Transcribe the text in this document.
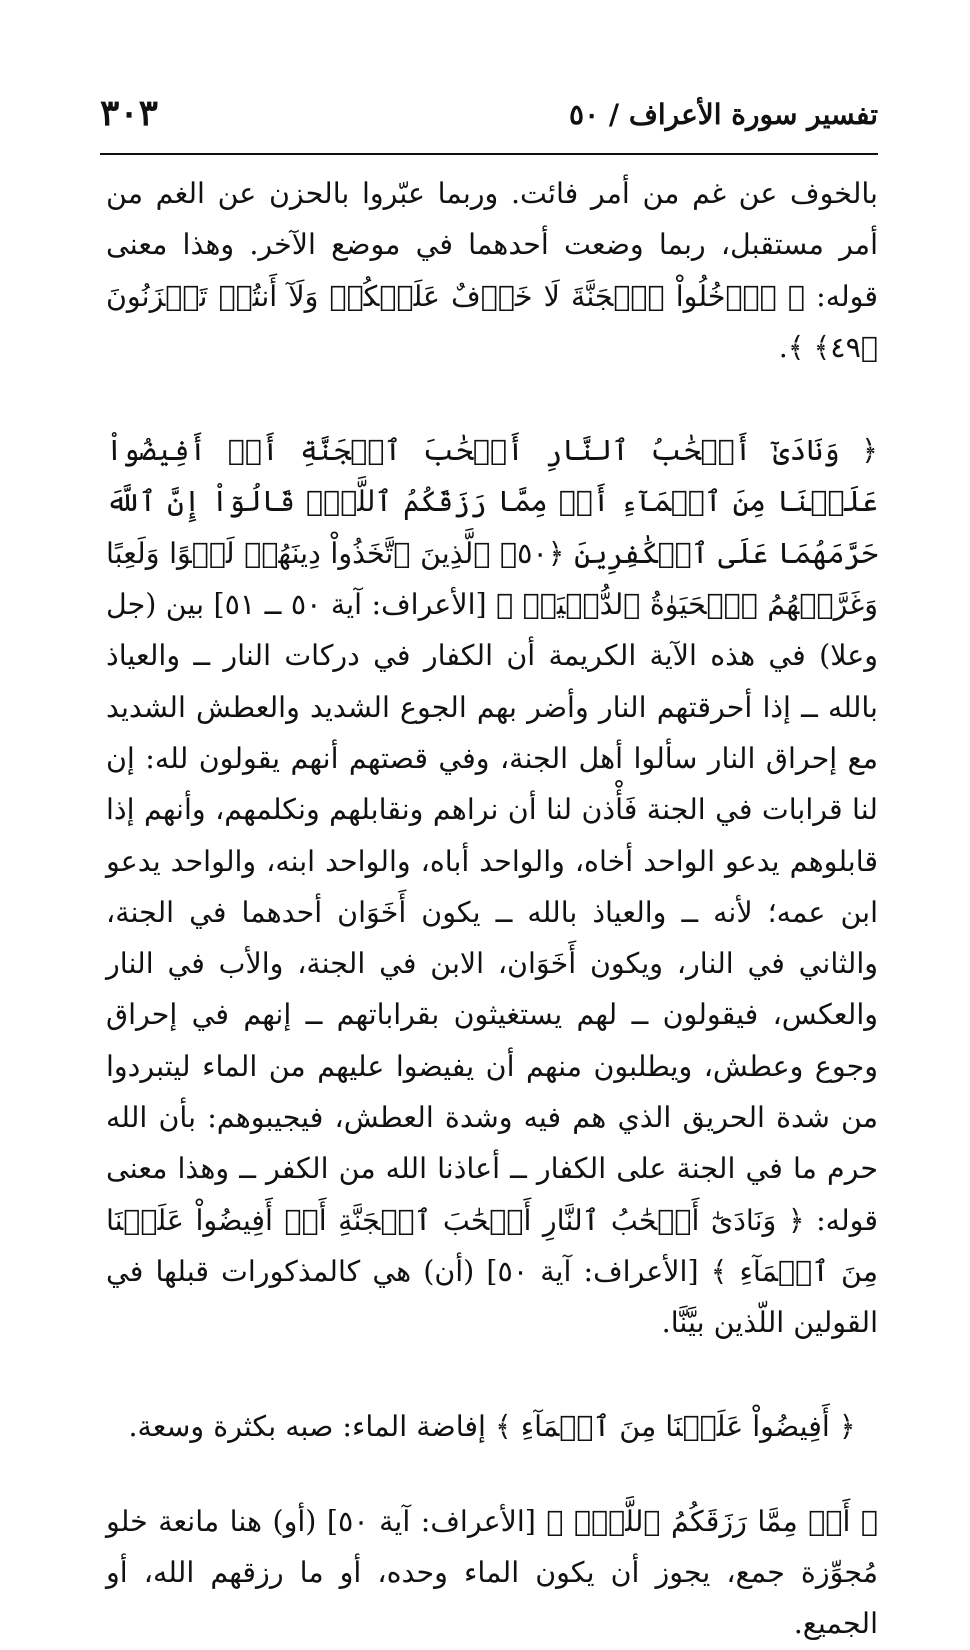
تفسير سورة الأعراف / ٥٠
٣٠٣

بالخوف عن غم من أمر فائت. وربما عبّروا بالحزن عن الغم من أمر مستقبل، ربما وضعت أحدهما في موضع الآخر. وهذا معنى قوله: ﴿ ٱدۡخُلُواْ ٱلۡجَنَّةَ لَا خَوۡفٌ عَلَيۡكُمۡ وَلَآ أَنتُمۡ تَحۡزَنُونَ ﴿٤٩﴾ ﴾.

﴿ وَنَادَىٰٓ أَصۡحَٰبُ ٱلنَّارِ أَصۡحَٰبَ ٱلۡجَنَّةِ أَنۡ أَفِيضُواْ عَلَيۡنَا مِنَ ٱلۡمَآءِ أَوۡ مِمَّا رَزَقَكُمُ ٱللَّهُۚ قَالُوٓاْ إِنَّ ٱللَّهَ حَرَّمَهُمَا عَلَى ٱلۡكَٰفِرِينَ ﴿٥٠﴾ ٱلَّذِينَ ٱتَّخَذُواْ دِينَهُمۡ لَهۡوًا وَلَعِبًا وَغَرَّتۡهُمُ ٱلۡحَيَوٰةُ ٱلدُّنۡيَاۚ ﴾ [الأعراف: آية ٥٠ ــ ٥١] بين (جل وعلا) في هذه الآية الكريمة أن الكفار في دركات النار ــ والعياذ بالله ــ إذا أحرقتهم النار وأضر بهم الجوع الشديد والعطش الشديد مع إحراق النار سألوا أهل الجنة، وفي قصتهم أنهم يقولون لله: إن لنا قرابات في الجنة فَأْذن لنا أن نراهم ونقابلهم ونكلمهم، وأنهم إذا قابلوهم يدعو الواحد أخاه، والواحد أباه، والواحد ابنه، والواحد يدعو ابن عمه؛ لأنه ــ والعياذ بالله ــ يكون أَخَوَان أحدهما في الجنة، والثاني في النار، ويكون أَخَوَان، الابن في الجنة، والأب في النار والعكس، فيقولون ــ لهم يستغيثون بقراباتهم ــ إنهم في إحراق وجوع وعطش، ويطلبون منهم أن يفيضوا عليهم من الماء ليتبردوا من شدة الحريق الذي هم فيه وشدة العطش، فيجيبوهم: بأن الله حرم ما في الجنة على الكفار ــ أعاذنا الله من الكفر ــ وهذا معنى قوله: ﴿ وَنَادَىٰٓ أَصۡحَٰبُ ٱلنَّارِ أَصۡحَٰبَ ٱلۡجَنَّةِ أَنۡ أَفِيضُواْ عَلَيۡنَا مِنَ ٱلۡمَآءِ ﴾ [الأعراف: آية ٥٠] (أن) هي كالمذكورات قبلها في القولين اللّذين بيَّنَّا.

﴿ أَفِيضُواْ عَلَيۡنَا مِنَ ٱلۡمَآءِ ﴾ إفاضة الماء: صبه بكثرة وسعة.

﴿ أَوۡ مِمَّا رَزَقَكُمُ ٱللَّهُۚ ﴾ [الأعراف: آية ٥٠] (أو) هنا مانعة خلو مُجوِّزة جمع، يجوز أن يكون الماء وحده، أو ما رزقهم الله، أو الجميع.
